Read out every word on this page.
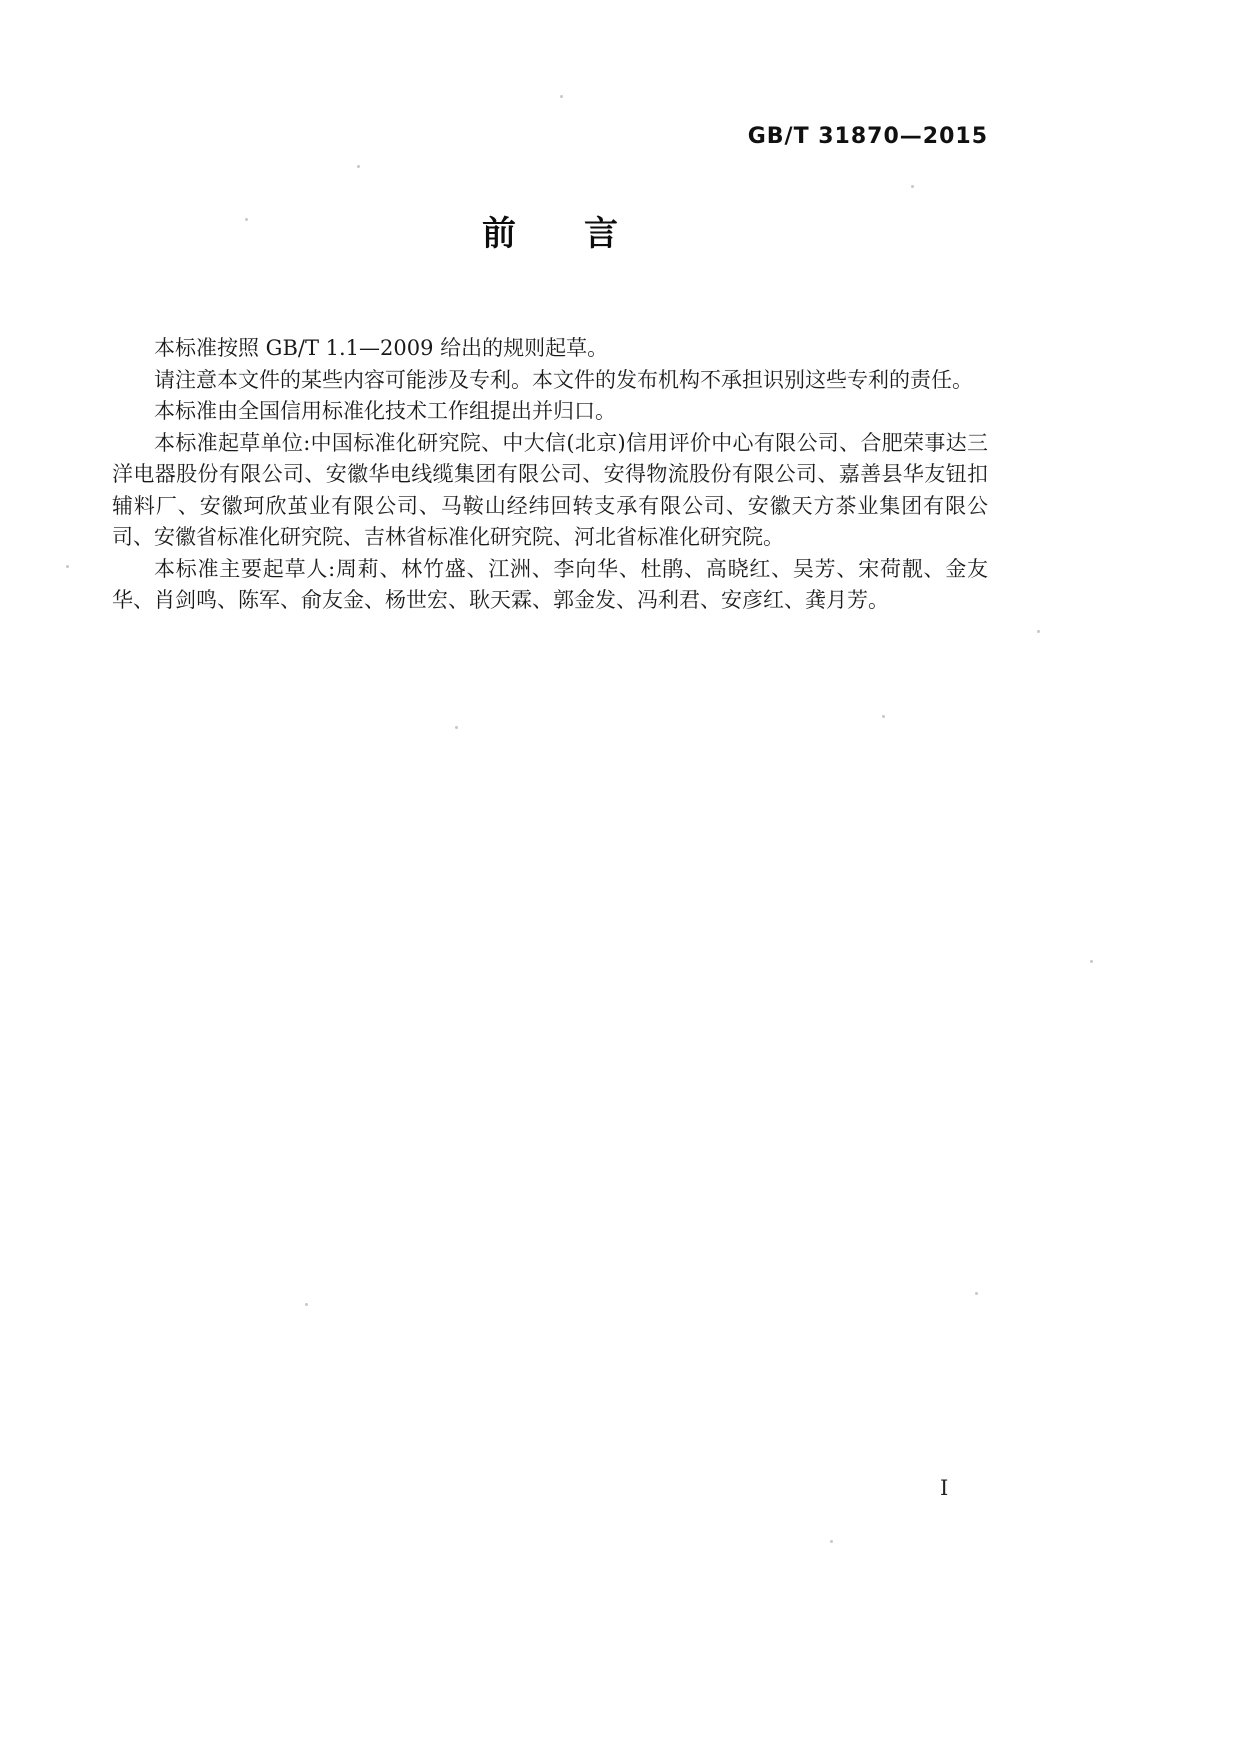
GB/T 31870—2015
前　　言

本标准按照 GB/T 1.1—2009 给出的规则起草。

请注意本文件的某些内容可能涉及专利。本文件的发布机构不承担识别这些专利的责任。

本标准由全国信用标准化技术工作组提出并归口。

本标准起草单位:中国标准化研究院、中大信(北京)信用评价中心有限公司、合肥荣事达三洋电器股份有限公司、安徽华电线缆集团有限公司、安得物流股份有限公司、嘉善县华友钮扣辅料厂、安徽珂欣茧业有限公司、马鞍山经纬回转支承有限公司、安徽天方茶业集团有限公司、安徽省标准化研究院、吉林省标准化研究院、河北省标准化研究院。

本标准主要起草人:周莉、林竹盛、江洲、李向华、杜鹃、高晓红、吴芳、宋荷靓、金友华、肖剑鸣、陈军、俞友金、杨世宏、耿天霖、郭金发、冯利君、安彦红、龚月芳。

I
